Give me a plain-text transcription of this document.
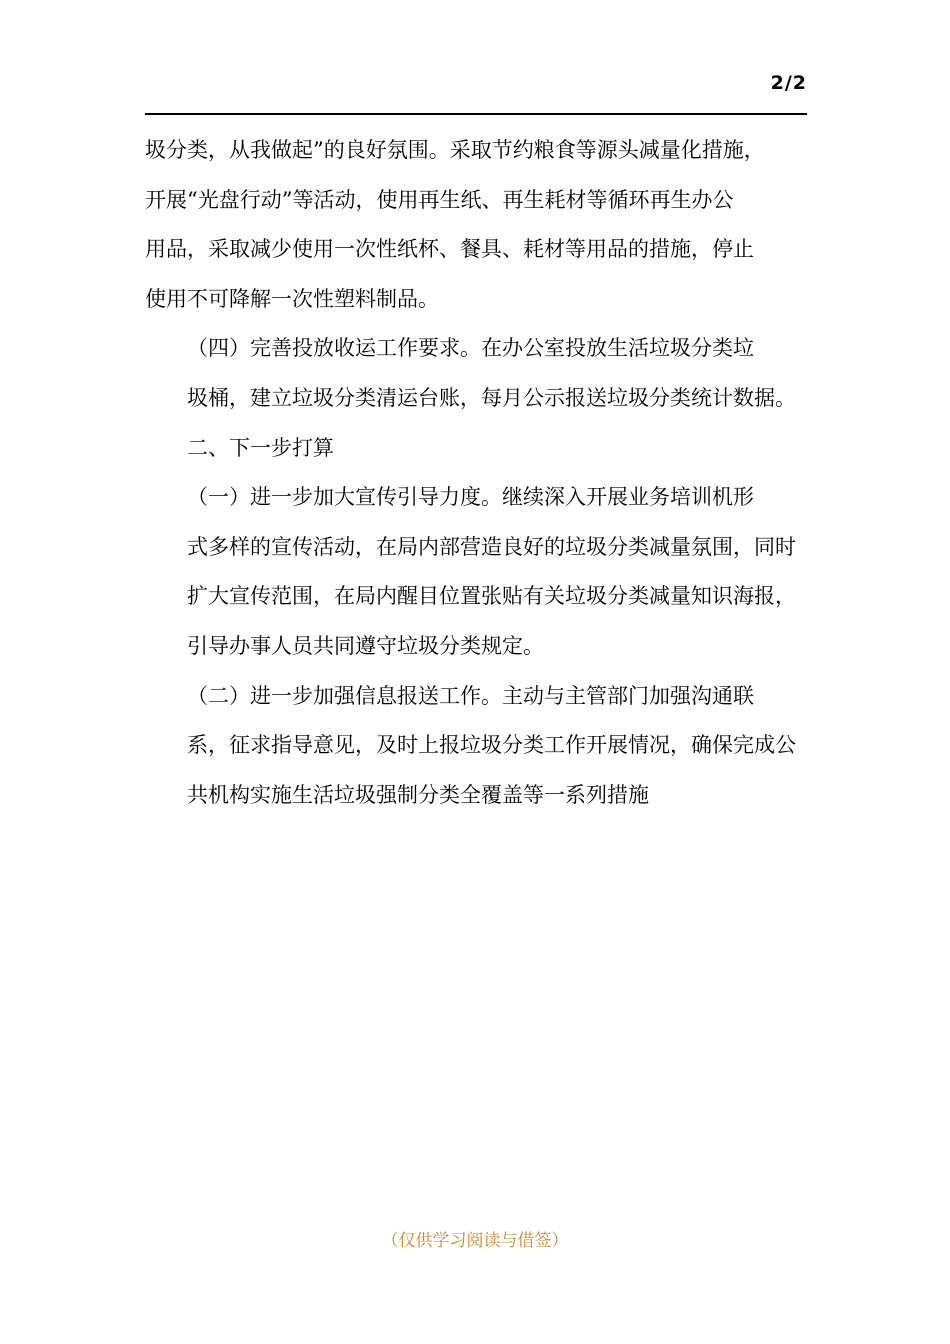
2/2

圾分类，从我做起”的良好氛围。采取节约粮食等源头减量化措施，
开展“光盘行动”等活动，使用再生纸、再生耗材等循环再生办公
用品，采取减少使用一次性纸杯、餐具、耗材等用品的措施，停止
使用不可降解一次性塑料制品。

（四）完善投放收运工作要求。在办公室投放生活垃圾分类垃
圾桶，建立垃圾分类清运台账，每月公示报送垃圾分类统计数据。

二、下一步打算

（一）进一步加大宣传引导力度。继续深入开展业务培训机形
式多样的宣传活动，在局内部营造良好的垃圾分类减量氛围，同时
扩大宣传范围，在局内醒目位置张贴有关垃圾分类减量知识海报，
引导办事人员共同遵守垃圾分类规定。

（二）进一步加强信息报送工作。主动与主管部门加强沟通联
系，征求指导意见，及时上报垃圾分类工作开展情况，确保完成公
共机构实施生活垃圾强制分类全覆盖等一系列措施

（仅供学习阅读与借签）
